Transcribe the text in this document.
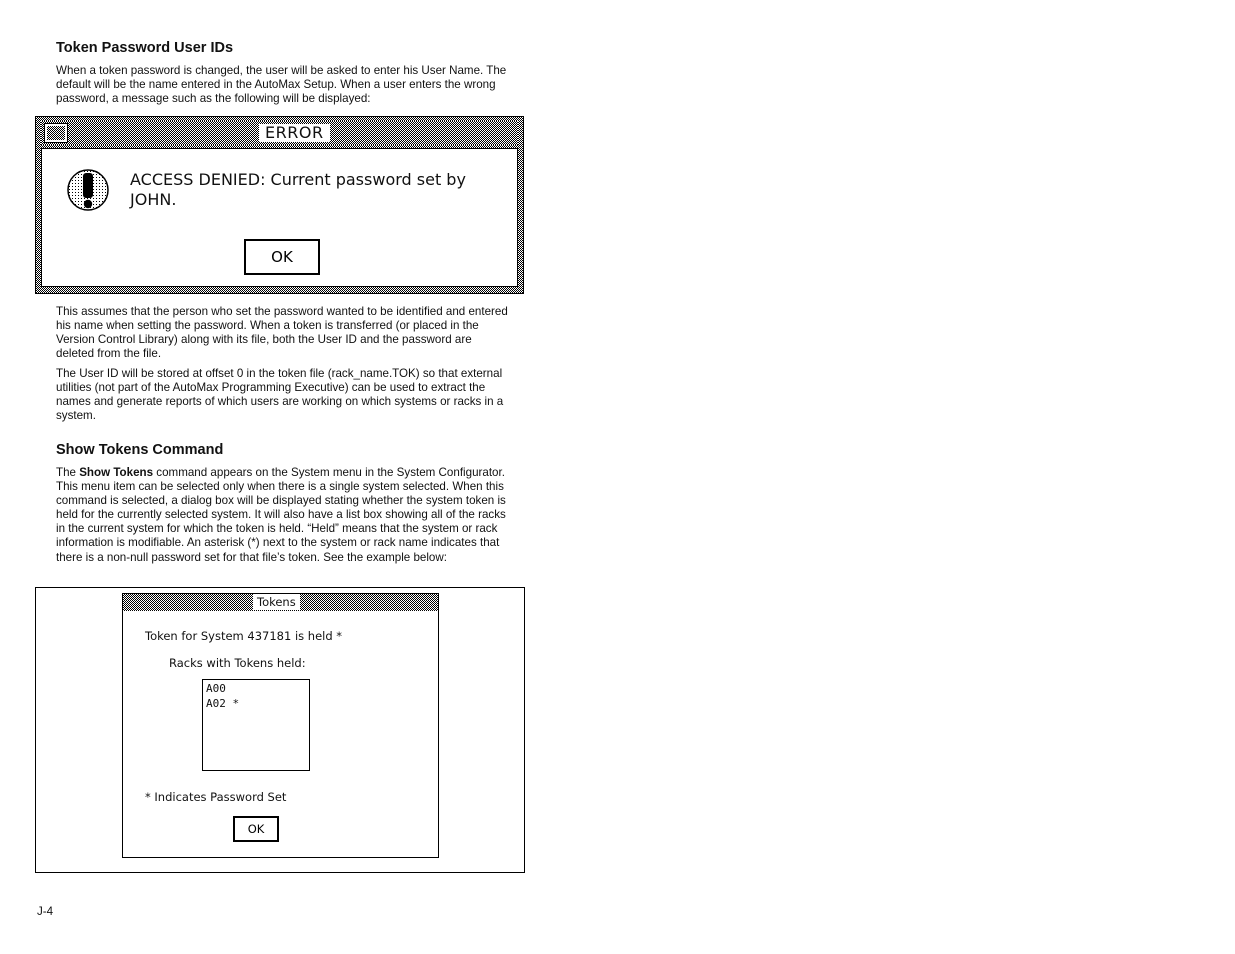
Token Password User IDs

When a token password is changed, the user will be asked to enter his User Name. The default will be the name entered in the AutoMax Setup. When a user enters the wrong password, a message such as the following will be displayed:

ERROR

ACCESS DENIED: Current password set by JOHN.

OK

This assumes that the person who set the password wanted to be identified and entered his name when setting the password. When a token is transferred (or placed in the Version Control Library) along with its file, both the User ID and the password are deleted from the file.

The User ID will be stored at offset 0 in the token file (rack_name.TOK) so that external utilities (not part of the AutoMax Programming Executive) can be used to extract the names and generate reports of which users are working on which systems or racks in a system.

Show Tokens Command

The Show Tokens command appears on the System menu in the System Configurator. This menu item can be selected only when there is a single system selected. When this command is selected, a dialog box will be displayed stating whether the system token is held for the currently selected system. It will also have a list box showing all of the racks in the current system for which the token is held. “Held” means that the system or rack information is modifiable. An asterisk (*) next to the system or rack name indicates that there is a non-null password set for that file’s token. See the example below:

Tokens

Token for System 437181 is held *

Racks with Tokens held:

A00
A02 *

* Indicates Password Set

OK

J-4
